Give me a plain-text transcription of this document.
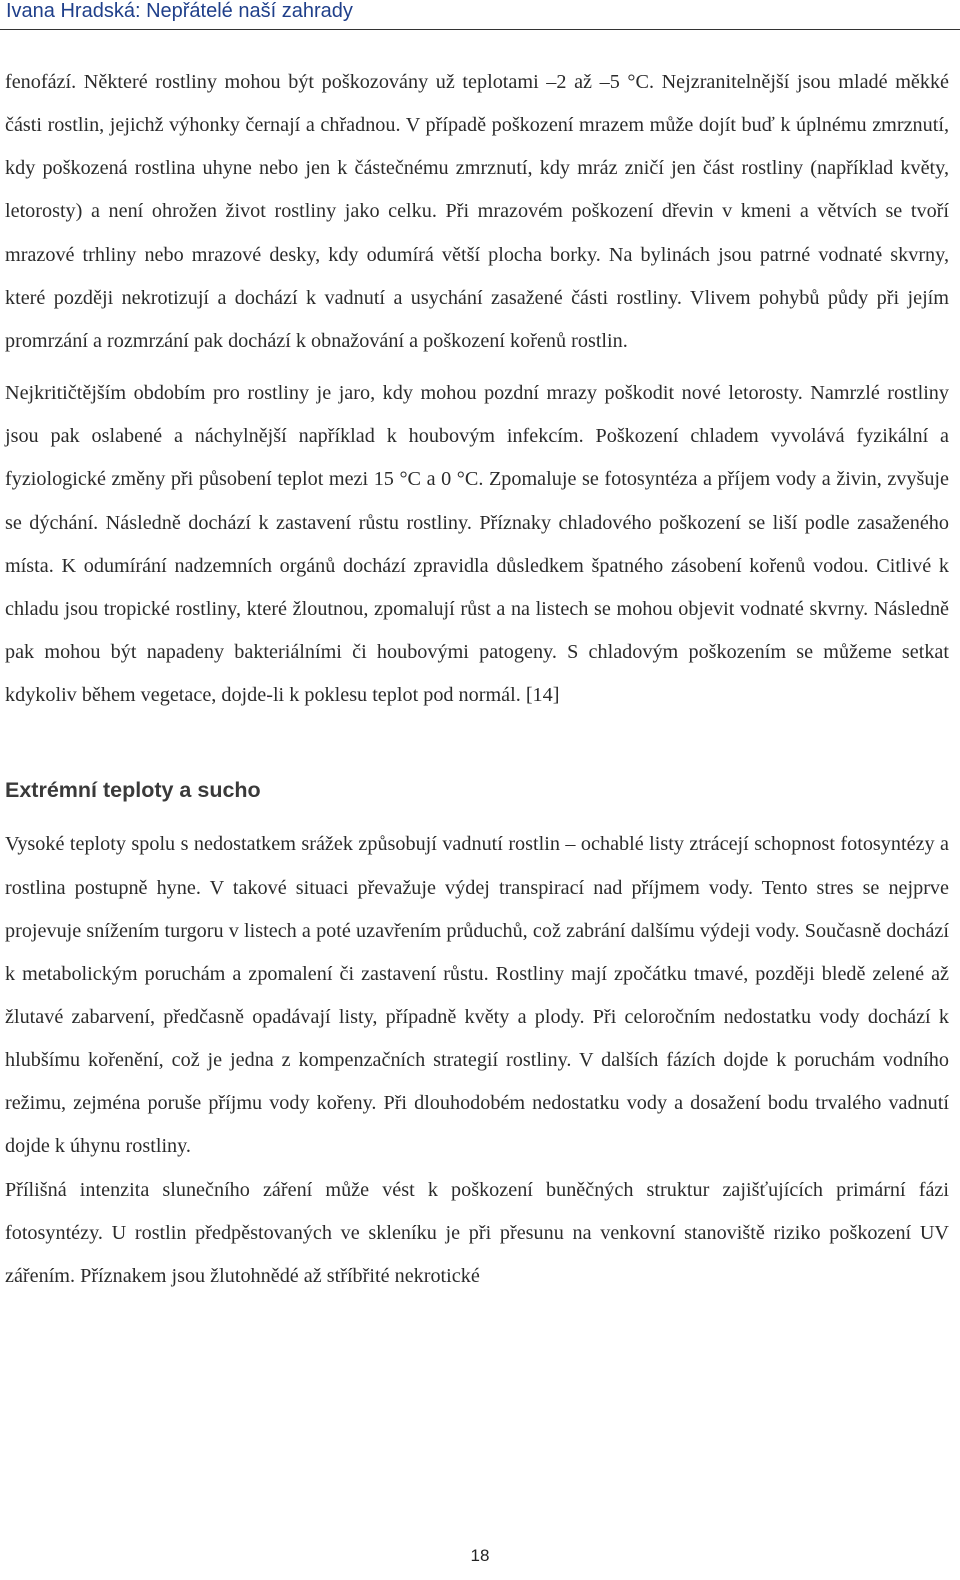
Ivana Hradská: Nepřátelé naší zahrady

fenofází. Některé rostliny mohou být poškozovány už teplotami –2 až –5 °C. Nejzranitelnější jsou mladé měkké části rostlin, jejichž výhonky černají a chřadnou. V případě poškození mrazem může dojít buď k úplnému zmrznutí, kdy poškozená rostlina uhyne nebo jen k částečnému zmrznutí, kdy mráz zničí jen část rostliny (například květy, letorosty) a není ohrožen život rostliny jako celku. Při mrazovém poškození dřevin v kmeni a větvích se tvoří mrazové trhliny nebo mrazové desky, kdy odumírá větší plocha borky. Na bylinách jsou patrné vodnaté skvrny, které později nekrotizují a dochází k vadnutí a usychání zasažené části rostliny. Vlivem pohybů půdy při jejím promrzání a rozmrzání pak dochází k obnažování a poškození kořenů rostlin.

Nejkritičtějším obdobím pro rostliny je jaro, kdy mohou pozdní mrazy poškodit nové letorosty. Namrzlé rostliny jsou pak oslabené a náchylnější například k houbovým infekcím. Poškození chladem vyvolává fyzikální a fyziologické změny při působení teplot mezi 15 °C a 0 °C. Zpomaluje se fotosyntéza a příjem vody a živin, zvyšuje se dýchání. Následně dochází k zastavení růstu rostliny. Příznaky chladového poškození se liší podle zasaženého místa. K odumírání nadzemních orgánů dochází zpravidla důsledkem špatného zásobení kořenů vodou. Citlivé k chladu jsou tropické rostliny, které žloutnou, zpomalují růst a na listech se mohou objevit vodnaté skvrny. Následně pak mohou být napadeny bakteriálními či houbovými patogeny. S chladovým poškozením se můžeme setkat kdykoliv během vegetace, dojde-li k poklesu teplot pod normál. [14]

Extrémní teploty a sucho

Vysoké teploty spolu s nedostatkem srážek způsobují vadnutí rostlin – ochablé listy ztrácejí schopnost fotosyntézy a rostlina postupně hyne. V takové situaci převažuje výdej transpirací nad příjmem vody. Tento stres se nejprve projevuje snížením turgoru v listech a poté uzavřením průduchů, což zabrání dalšímu výdeji vody. Současně dochází k metabolickým poruchám a zpomalení či zastavení růstu. Rostliny mají zpočátku tmavé, později bledě zelené až žlutavé zabarvení, předčasně opadávají listy, případně květy a plody. Při celoročním nedostatku vody dochází k hlubšímu kořenění, což je jedna z kompenzačních strategií rostliny. V dalších fázích dojde k poruchám vodního režimu, zejména poruše příjmu vody kořeny. Při dlouhodobém nedostatku vody a dosažení bodu trvalého vadnutí dojde k úhynu rostliny.

Přílišná intenzita slunečního záření může vést k poškození buněčných struktur zajišťujících primární fázi fotosyntézy. U rostlin předpěstovaných ve skleníku je při přesunu na venkovní stanoviště riziko poškození UV zářením. Příznakem jsou žlutohnědé až stříbřité nekrotické

18
